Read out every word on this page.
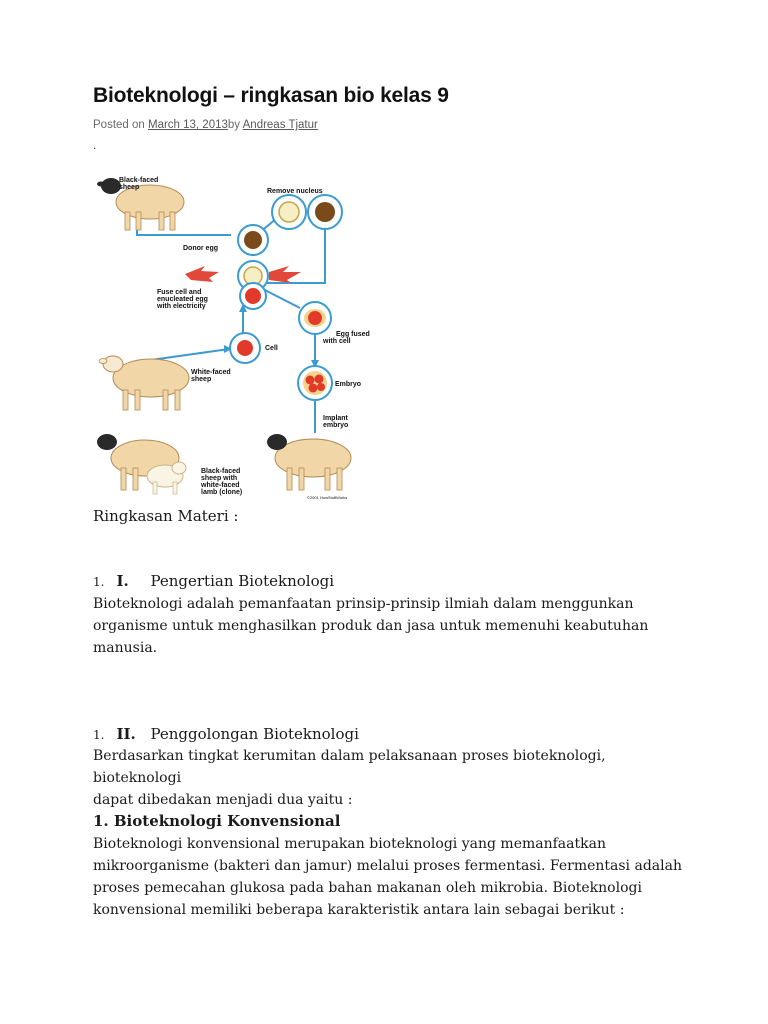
Bioteknologi – ringkasan bio kelas 9
Posted on March 13, 2013by Andreas Tjatur
.
Black-faced
sheep
Remove nucleus
Donor egg
Fuse cell and
enucleated egg
with electricity
Egg fused
with cell
Cell
White-faced
sheep
Embryo
Implant
embryo
Black-faced
sheep with
white-faced
lamb (clone)
©2001 HowStuffWorks
Ringkasan Materi :
1. I. Pengertian Bioteknologi
Bioteknologi adalah pemanfaatan prinsip-prinsip ilmiah dalam menggunkan
organisme untuk menghasilkan produk dan jasa untuk memenuhi keabutuhan
manusia.
1. II. Penggolongan Bioteknologi
Berdasarkan tingkat kerumitan dalam pelaksanaan proses bioteknologi, bioteknologi
dapat dibedakan menjadi dua yaitu :
1. Bioteknologi Konvensional
Bioteknologi konvensional merupakan bioteknologi yang memanfaatkan
mikroorganisme (bakteri dan jamur) melalui proses fermentasi. Fermentasi adalah
proses pemecahan glukosa pada bahan makanan oleh mikrobia. Bioteknologi
konvensional memiliki beberapa karakteristik antara lain sebagai berikut :
